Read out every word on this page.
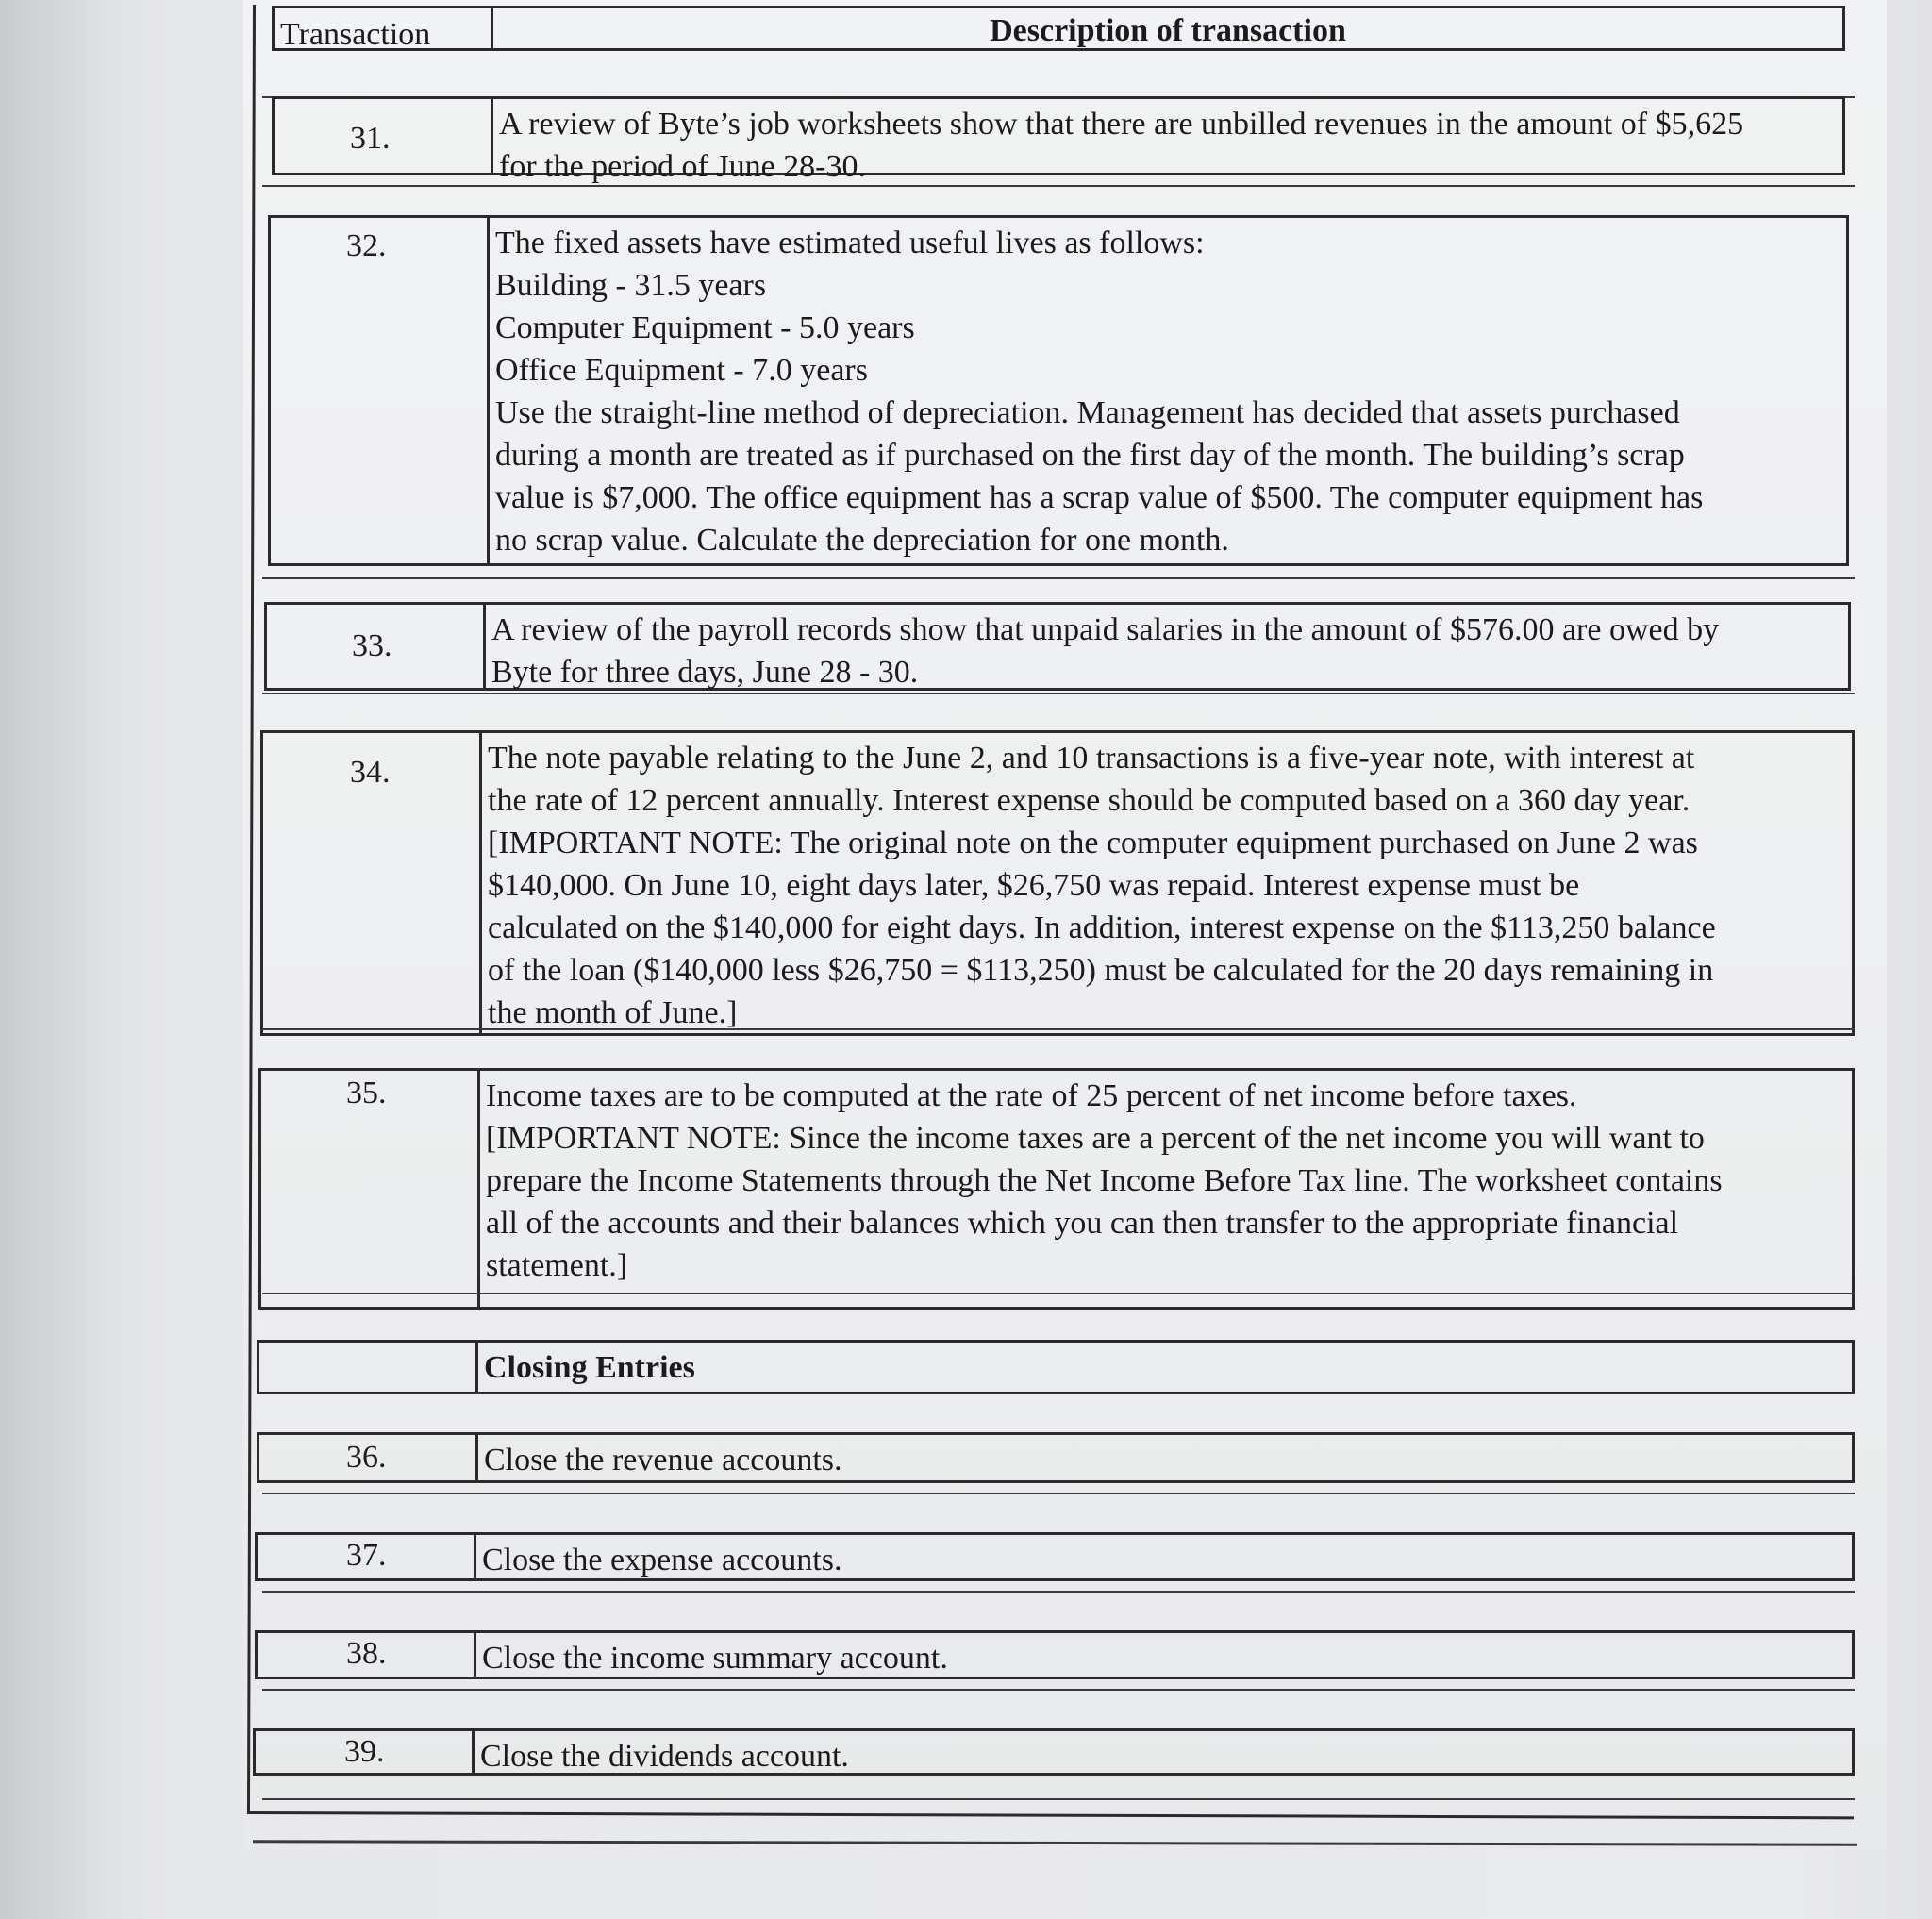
Transaction	Description of transaction
31.	A review of Byte’s job worksheets show that there are unbilled revenues in the amount of $5,625
for the period of June 28-30.
32.	The fixed assets have estimated useful lives as follows:
Building - 31.5 years
Computer Equipment - 5.0 years
Office Equipment - 7.0 years
Use the straight-line method of depreciation. Management has decided that assets purchased
during a month are treated as if purchased on the first day of the month. The building’s scrap
value is $7,000. The office equipment has a scrap value of $500. The computer equipment has
no scrap value. Calculate the depreciation for one month.
33.	A review of the payroll records show that unpaid salaries in the amount of $576.00 are owed by
Byte for three days, June 28 - 30.
34.	The note payable relating to the June 2, and 10 transactions is a five-year note, with interest at
the rate of 12 percent annually. Interest expense should be computed based on a 360 day year.
[IMPORTANT NOTE: The original note on the computer equipment purchased on June 2 was
$140,000. On June 10, eight days later, $26,750 was repaid. Interest expense must be
calculated on the $140,000 for eight days. In addition, interest expense on the $113,250 balance
of the loan ($140,000 less $26,750 = $113,250) must be calculated for the 20 days remaining in
the month of June.]
35.	Income taxes are to be computed at the rate of 25 percent of net income before taxes.
[IMPORTANT NOTE: Since the income taxes are a percent of the net income you will want to
prepare the Income Statements through the Net Income Before Tax line. The worksheet contains
all of the accounts and their balances which you can then transfer to the appropriate financial
statement.]
Closing Entries
36.	Close the revenue accounts.
37.	Close the expense accounts.
38.	Close the income summary account.
39.	Close the dividends account.
